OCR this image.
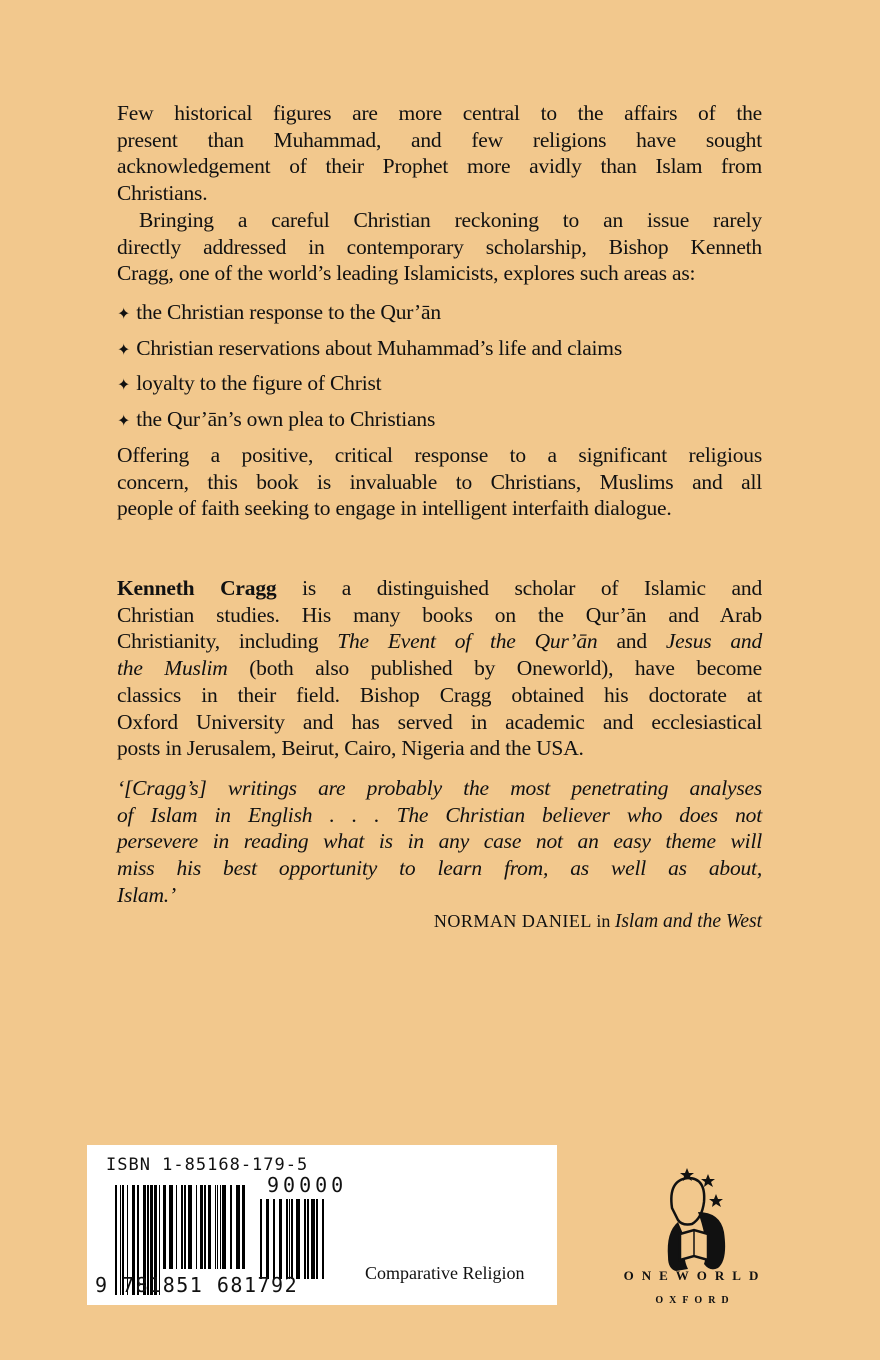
Few historical figures are more central to the affairs of the
present than Muhammad, and few religions have sought
acknowledgement of their Prophet more avidly than Islam from
Christians.
Bringing a careful Christian reckoning to an issue rarely
directly addressed in contemporary scholarship, Bishop Kenneth
Cragg, one of the world’s leading Islamicists, explores such areas as:
✦ the Christian response to the Qur’ān
✦ Christian reservations about Muhammad’s life and claims
✦ loyalty to the figure of Christ
✦ the Qur’ān’s own plea to Christians
Offering a positive, critical response to a significant religious
concern, this book is invaluable to Christians, Muslims and all
people of faith seeking to engage in intelligent interfaith dialogue.
Kenneth Cragg is a distinguished scholar of Islamic and
Christian studies. His many books on the Qur’ān and Arab
Christianity, including The Event of the Qur’ān and Jesus and
the Muslim (both also published by Oneworld), have become
classics in their field. Bishop Cragg obtained his doctorate at
Oxford University and has served in academic and ecclesiastical
posts in Jerusalem, Beirut, Cairo, Nigeria and the USA.
‘[Cragg’s] writings are probably the most penetrating analyses
of Islam in English . . . The Christian believer who does not
persevere in reading what is in any case not an easy theme will
miss his best opportunity to learn from, as well as about,
Islam.’
NORMAN DANIEL in Islam and the West
ISBN 1-85168-179-5
9 781851 681792
90000
Comparative Religion	ONEWORLD
OXFORD
